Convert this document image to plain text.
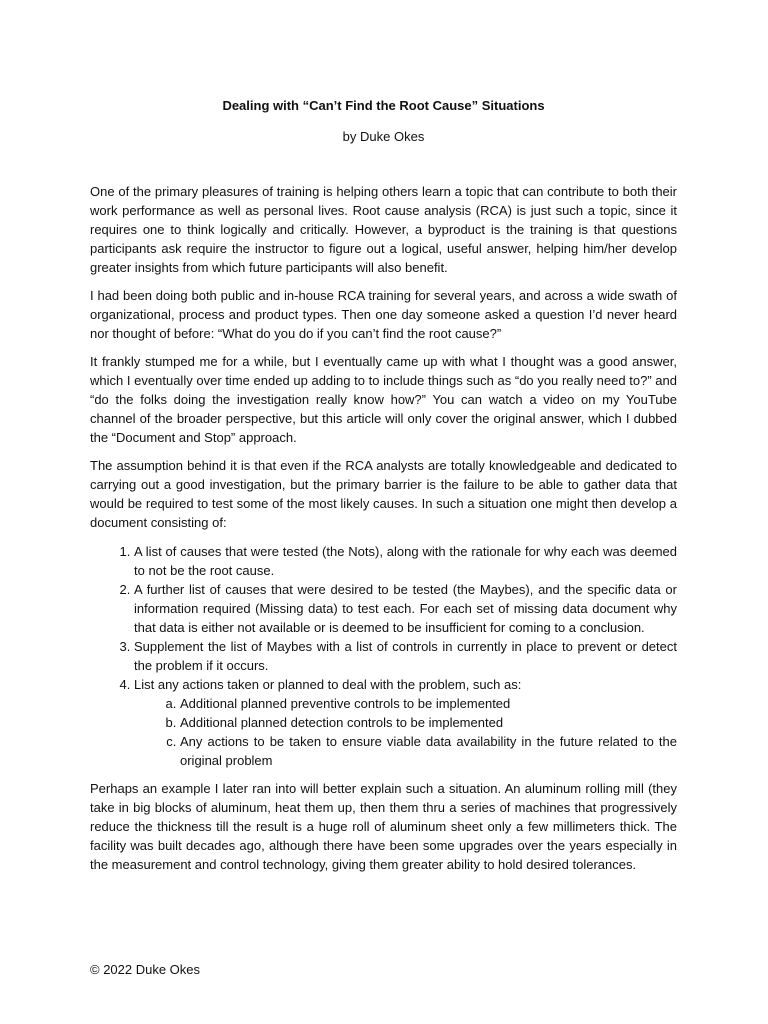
Dealing with “Can’t Find the Root Cause” Situations
by Duke Okes

One of the primary pleasures of training is helping others learn a topic that can contribute to both their work performance as well as personal lives. Root cause analysis (RCA) is just such a topic, since it requires one to think logically and critically. However, a byproduct is the training is that questions participants ask require the instructor to figure out a logical, useful answer, helping him/her develop greater insights from which future participants will also benefit.

I had been doing both public and in-house RCA training for several years, and across a wide swath of organizational, process and product types. Then one day someone asked a question I’d never heard nor thought of before: “What do you do if you can’t find the root cause?”

It frankly stumped me for a while, but I eventually came up with what I thought was a good answer, which I eventually over time ended up adding to to include things such as “do you really need to?” and “do the folks doing the investigation really know how?” You can watch a video on my YouTube channel of the broader perspective, but this article will only cover the original answer, which I dubbed the “Document and Stop” approach.

The assumption behind it is that even if the RCA analysts are totally knowledgeable and dedicated to carrying out a good investigation, but the primary barrier is the failure to be able to gather data that would be required to test some of the most likely causes. In such a situation one might then develop a document consisting of:

1. A list of causes that were tested (the Nots), along with the rationale for why each was deemed to not be the root cause.
2. A further list of causes that were desired to be tested (the Maybes), and the specific data or information required (Missing data) to test each. For each set of missing data document why that data is either not available or is deemed to be insufficient for coming to a conclusion.
3. Supplement the list of Maybes with a list of controls in currently in place to prevent or detect the problem if it occurs.
4. List any actions taken or planned to deal with the problem, such as:
a. Additional planned preventive controls to be implemented
b. Additional planned detection controls to be implemented
c. Any actions to be taken to ensure viable data availability in the future related to the original problem

Perhaps an example I later ran into will better explain such a situation. An aluminum rolling mill (they take in big blocks of aluminum, heat them up, then them thru a series of machines that progressively reduce the thickness till the result is a huge roll of aluminum sheet only a few millimeters thick. The facility was built decades ago, although there have been some upgrades over the years especially in the measurement and control technology, giving them greater ability to hold desired tolerances.

© 2022 Duke Okes
